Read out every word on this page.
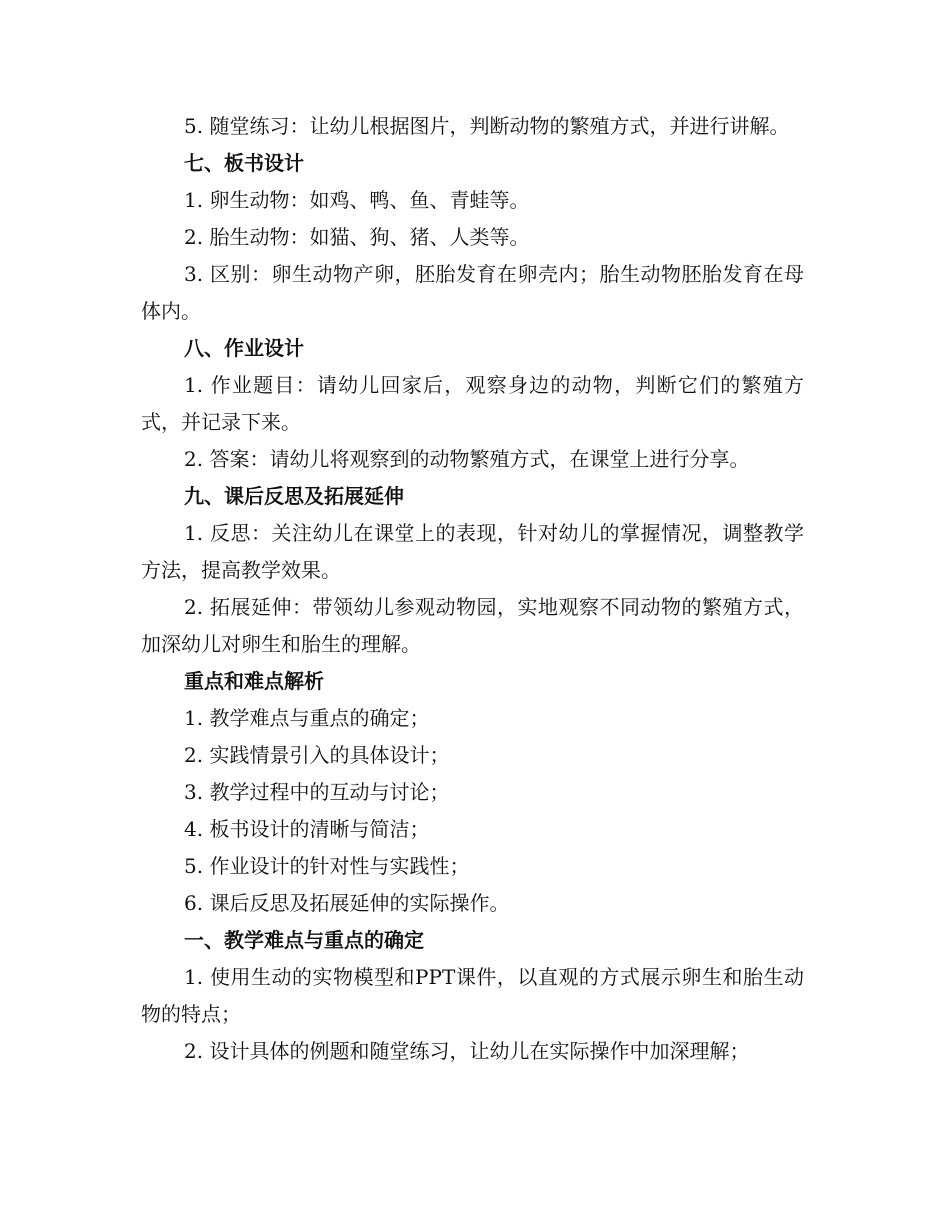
5. 随堂练习：让幼儿根据图片，判断动物的繁殖方式，并进行讲解。

七、板书设计

1. 卵生动物：如鸡、鸭、鱼、青蛙等。

2. 胎生动物：如猫、狗、猪、人类等。

3. 区别：卵生动物产卵，胚胎发育在卵壳内；胎生动物胚胎发育在母体内。

八、作业设计

1. 作业题目：请幼儿回家后，观察身边的动物，判断它们的繁殖方式，并记录下来。

2. 答案：请幼儿将观察到的动物繁殖方式，在课堂上进行分享。

九、课后反思及拓展延伸

1. 反思：关注幼儿在课堂上的表现，针对幼儿的掌握情况，调整教学方法，提高教学效果。

2. 拓展延伸：带领幼儿参观动物园，实地观察不同动物的繁殖方式，加深幼儿对卵生和胎生的理解。

重点和难点解析

1. 教学难点与重点的确定；

2. 实践情景引入的具体设计；

3. 教学过程中的互动与讨论；

4. 板书设计的清晰与简洁；

5. 作业设计的针对性与实践性；

6. 课后反思及拓展延伸的实际操作。

一、教学难点与重点的确定

1. 使用生动的实物模型和PPT课件，以直观的方式展示卵生和胎生动物的特点；

2. 设计具体的例题和随堂练习，让幼儿在实际操作中加深理解；
